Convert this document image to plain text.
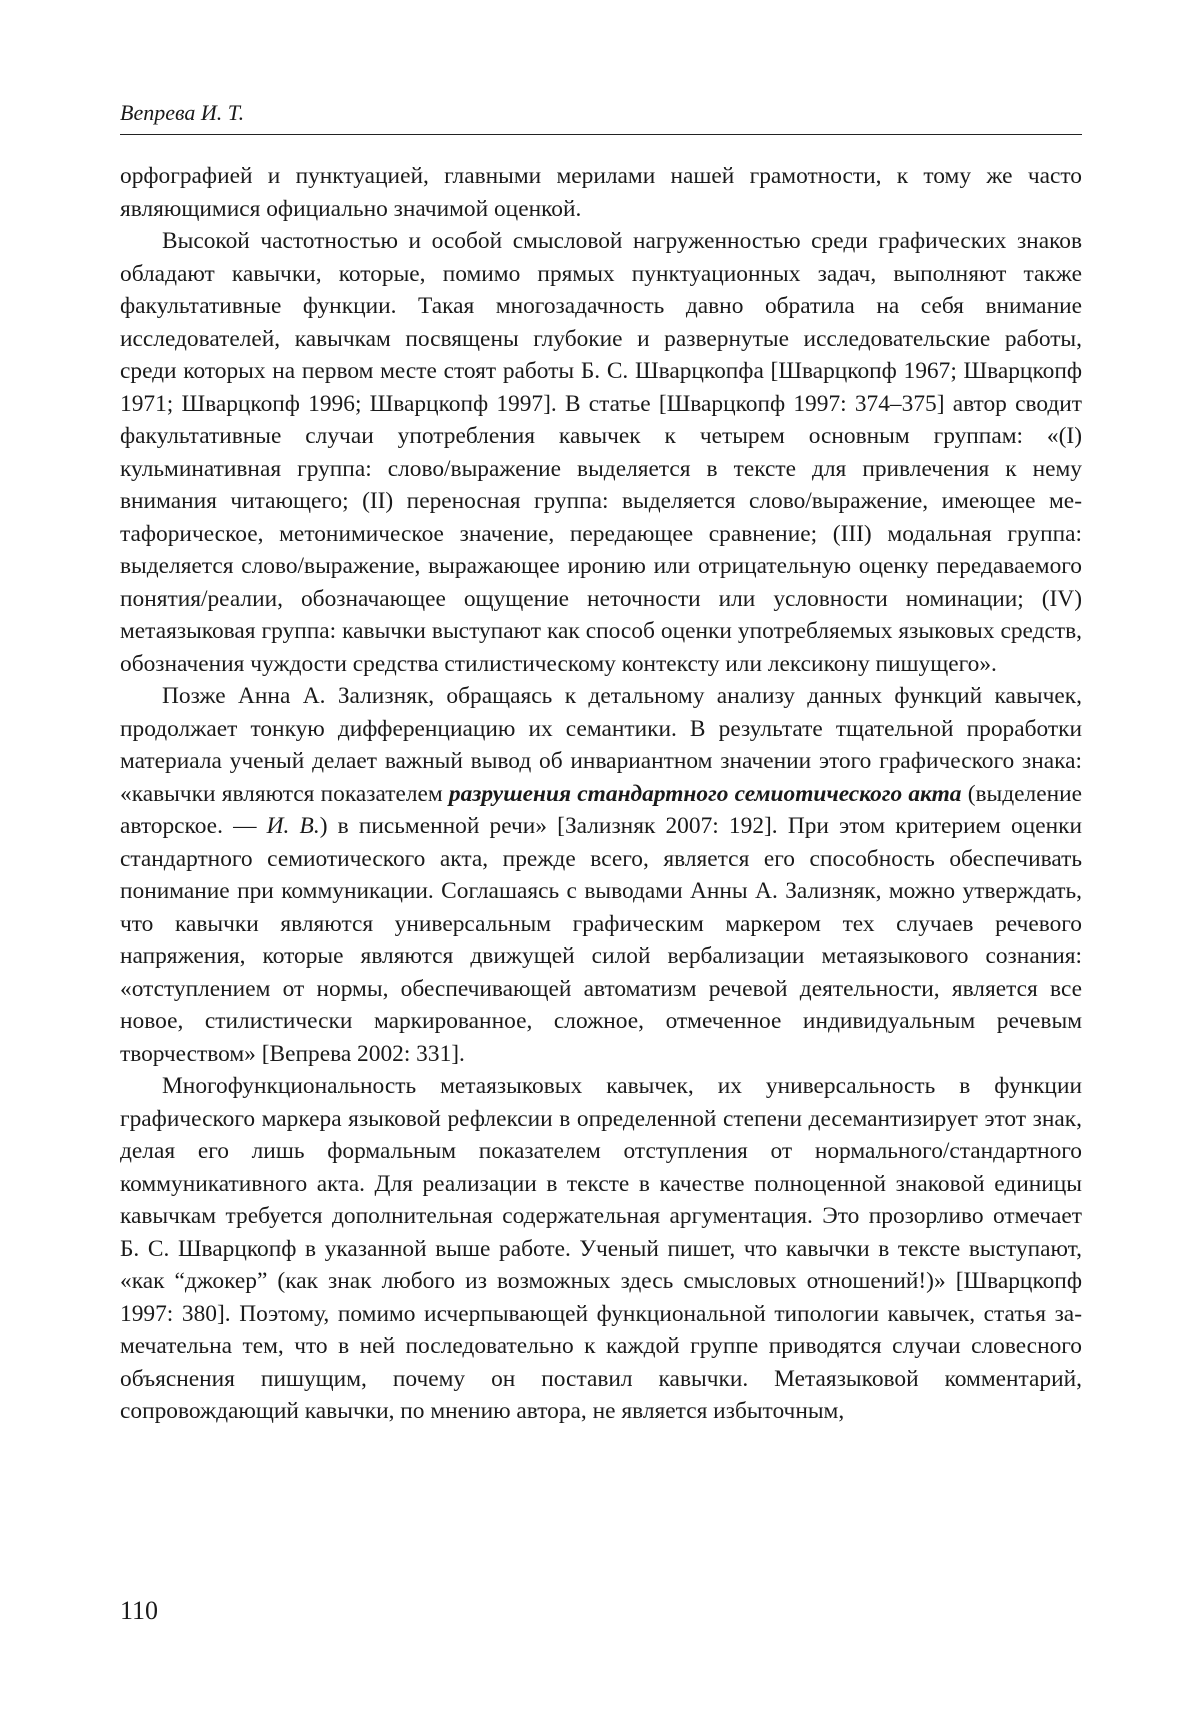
Вепрева И. Т.

орфографией и пунктуацией, главными мерилами нашей грамотности, к тому же часто являющимися официально значимой оценкой.

Высокой частотностью и особой смысловой нагруженностью среди графических знаков обладают кавычки, которые, помимо прямых пунктуационных задач, выполняют также факультативные функции. Такая многозадачность давно обратила на себя внимание исследователей, кавычкам посвящены глубокие и развернутые исследовательские работы, среди которых на первом месте стоят работы Б. С. Шварцкопфа [Шварцкопф 1967; Шварцкопф 1971; Шварцкопф 1996; Шварцкопф 1997]. В статье [Шварцкопф 1997: 374–375] автор сводит факультативные случаи употребления кавычек к четырем основным группам: «(I) кульминативная группа: слово/выражение выделяется в тексте для привлечения к нему внимания читающего; (II) переносная группа: выделяется слово/выражение, имеющее метафорическое, метонимическое значение, передающее сравнение; (III) модальная группа: выделяется слово/выражение, выражающее иронию или отрицательную оценку передаваемого понятия/реалии, обозначающее ощущение неточности или условности номинации; (IV) метаязыковая группа: кавычки выступают как способ оценки употребляемых языковых средств, обозначения чуждости средства стилистическому контексту или лексикону пишущего».

Позже Анна А. Зализняк, обращаясь к детальному анализу данных функций кавычек, продолжает тонкую дифференциацию их семантики. В результате тщательной проработки материала ученый делает важный вывод об инвариантном значении этого графического знака: «кавычки являются показателем разрушения стандартного семиотического акта (выделение авторское. — И. В.) в письменной речи» [Зализняк 2007: 192]. При этом критерием оценки стандартного семиотического акта, прежде всего, является его способность обеспечивать понимание при коммуникации. Соглашаясь с выводами Анны А. Зализняк, можно утверждать, что кавычки являются универсальным графическим маркером тех случаев речевого напряжения, которые являются движущей силой вербализации метаязыкового сознания: «отступлением от нормы, обеспечивающей автоматизм речевой деятельности, является все новое, стилистически маркированное, сложное, отмеченное индивидуальным речевым творчеством» [Вепрева 2002: 331].

Многофункциональность метаязыковых кавычек, их универсальность в функции графического маркера языковой рефлексии в определенной степени десемантизирует этот знак, делая его лишь формальным показателем отступления от нормального/стандартного коммуникативного акта. Для реализации в тексте в качестве полноценной знаковой единицы кавычкам требуется дополнительная содержательная аргументация. Это прозорливо отмечает Б. С. Шварцкопф в указанной выше работе. Ученый пишет, что кавычки в тексте выступают, «как “джокер” (как знак любого из возможных здесь смысловых отношений!)» [Шварцкопф 1997: 380]. Поэтому, помимо исчерпывающей функциональной типологии кавычек, статья замечательна тем, что в ней последовательно к каждой группе приводятся случаи словесного объяснения пишущим, почему он поставил кавычки. Метаязыковой комментарий, сопровождающий кавычки, по мнению автора, не является избыточным,

110
